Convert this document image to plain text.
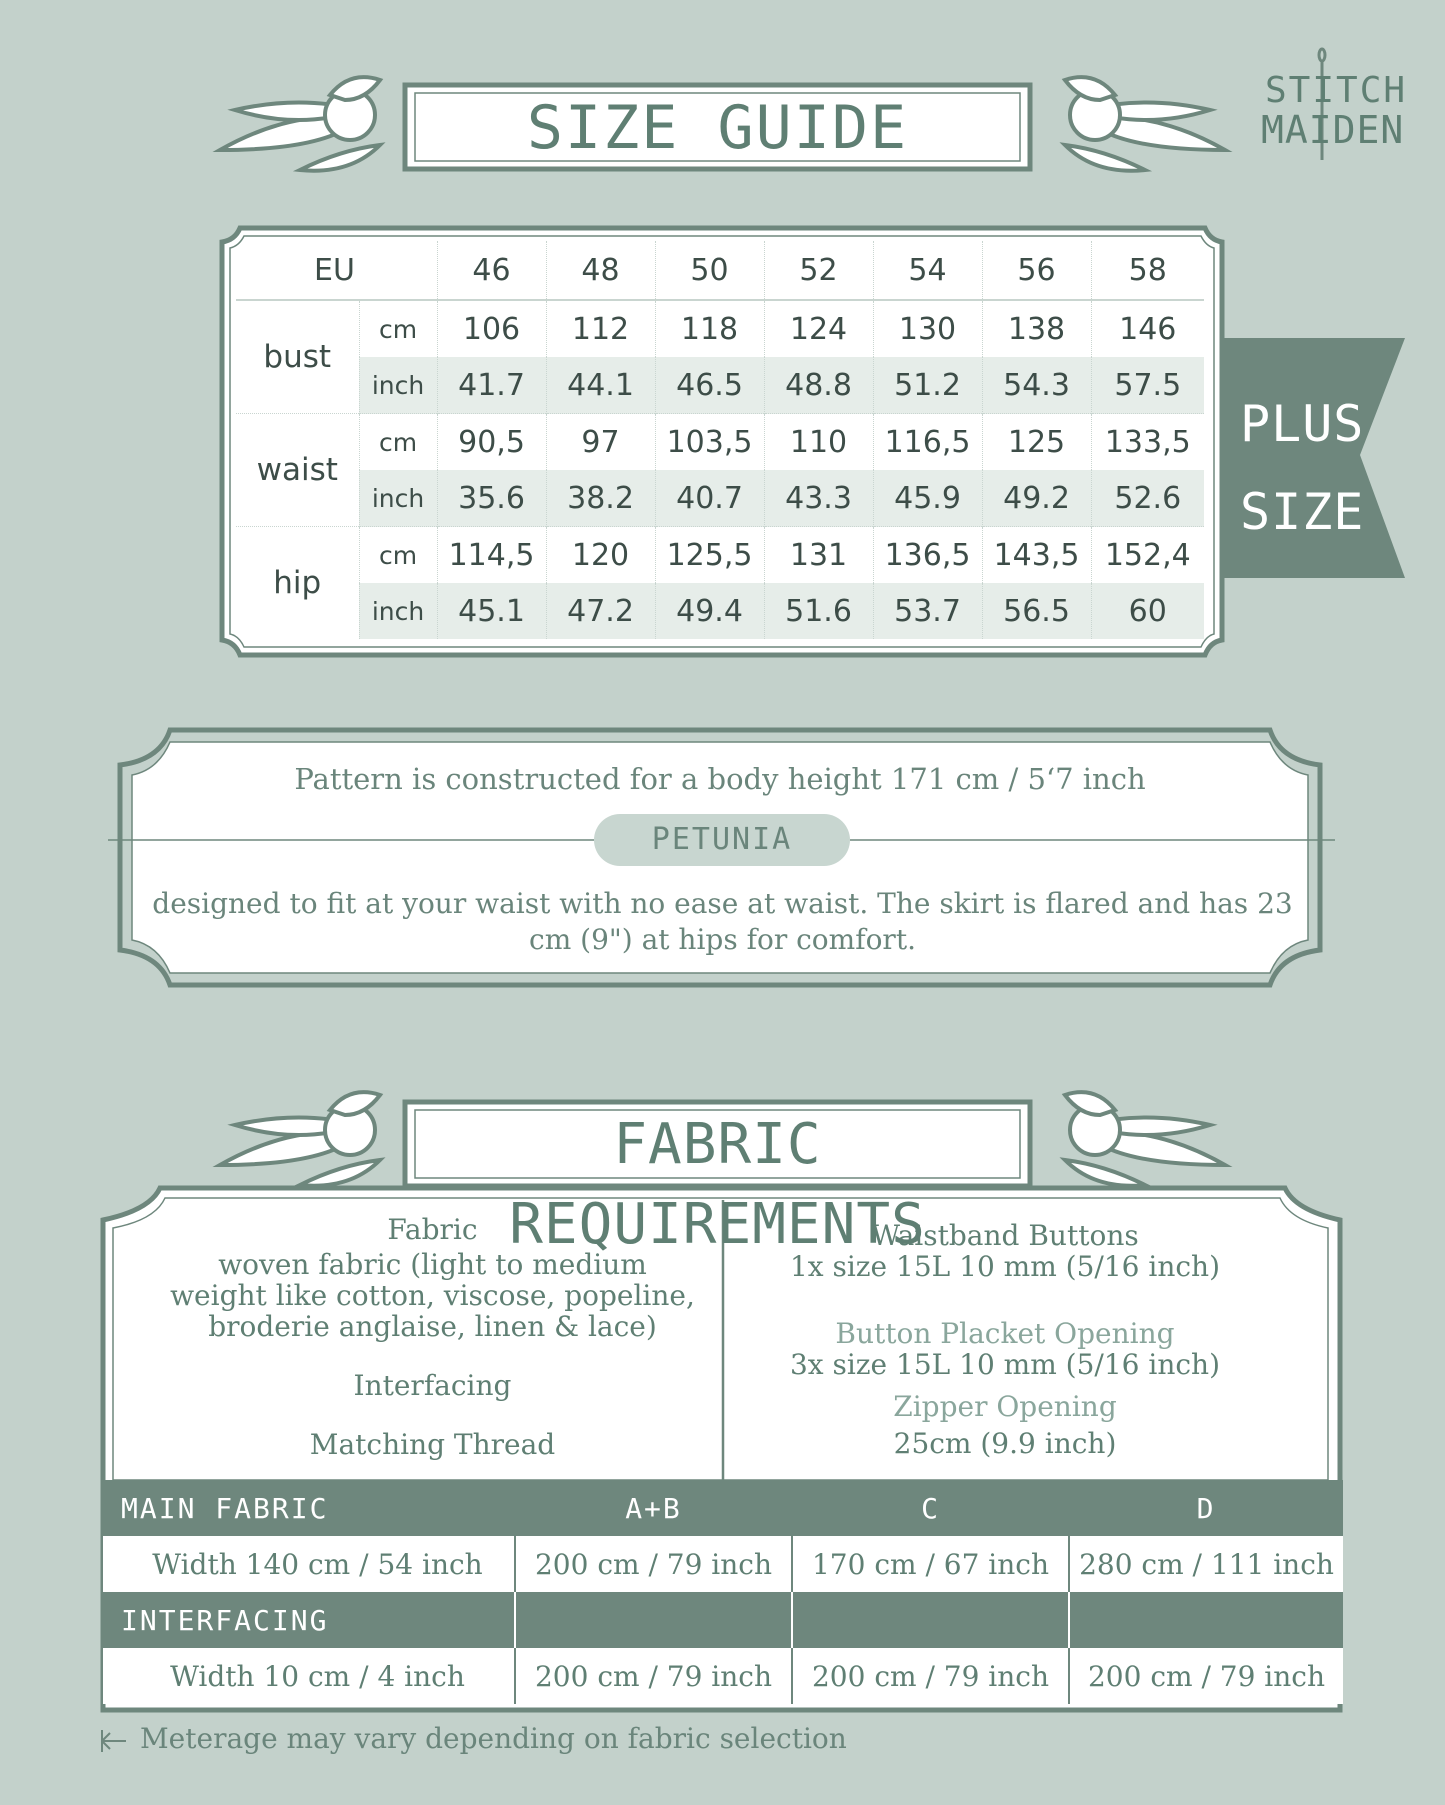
STITCH
MAIDEN
SIZE GUIDE
EU		46	48	50	52	54	56	58
bust	cm	106	112	118	124	130	138	146
	inch	41.7	44.1	46.5	48.8	51.2	54.3	57.5
waist	cm	90,5	97	103,5	110	116,5	125	133,5
	inch	35.6	38.2	40.7	43.3	45.9	49.2	52.6
hip	cm	114,5	120	125,5	131	136,5	143,5	152,4
	inch	45.1	47.2	49.4	51.6	53.7	56.5	60
PLUS
SIZE
Pattern is constructed for a body height 171 cm / 5‘7 inch
PETUNIA
designed to fit at your waist with no ease at waist. The skirt is flared and has 23 cm (9") at hips for comfort.
FABRIC REQUIREMENTS
Fabric
woven fabric (light to medium weight like cotton, viscose, popeline, broderie anglaise, linen & lace)
Interfacing
Matching Thread
Waistband Buttons
1x size 15L 10 mm (5/16 inch)
Button Placket Opening
3x size 15L 10 mm (5/16 inch)
Zipper Opening
25cm (9.9 inch)
MAIN FABRIC	A+B	C	D
Width 140 cm / 54 inch	200 cm / 79 inch	170 cm / 67 inch	280 cm / 111 inch
INTERFACING			
Width 10 cm / 4 inch	200 cm / 79 inch	200 cm / 79 inch	200 cm / 79 inch
Meterage may vary depending on fabric selection
